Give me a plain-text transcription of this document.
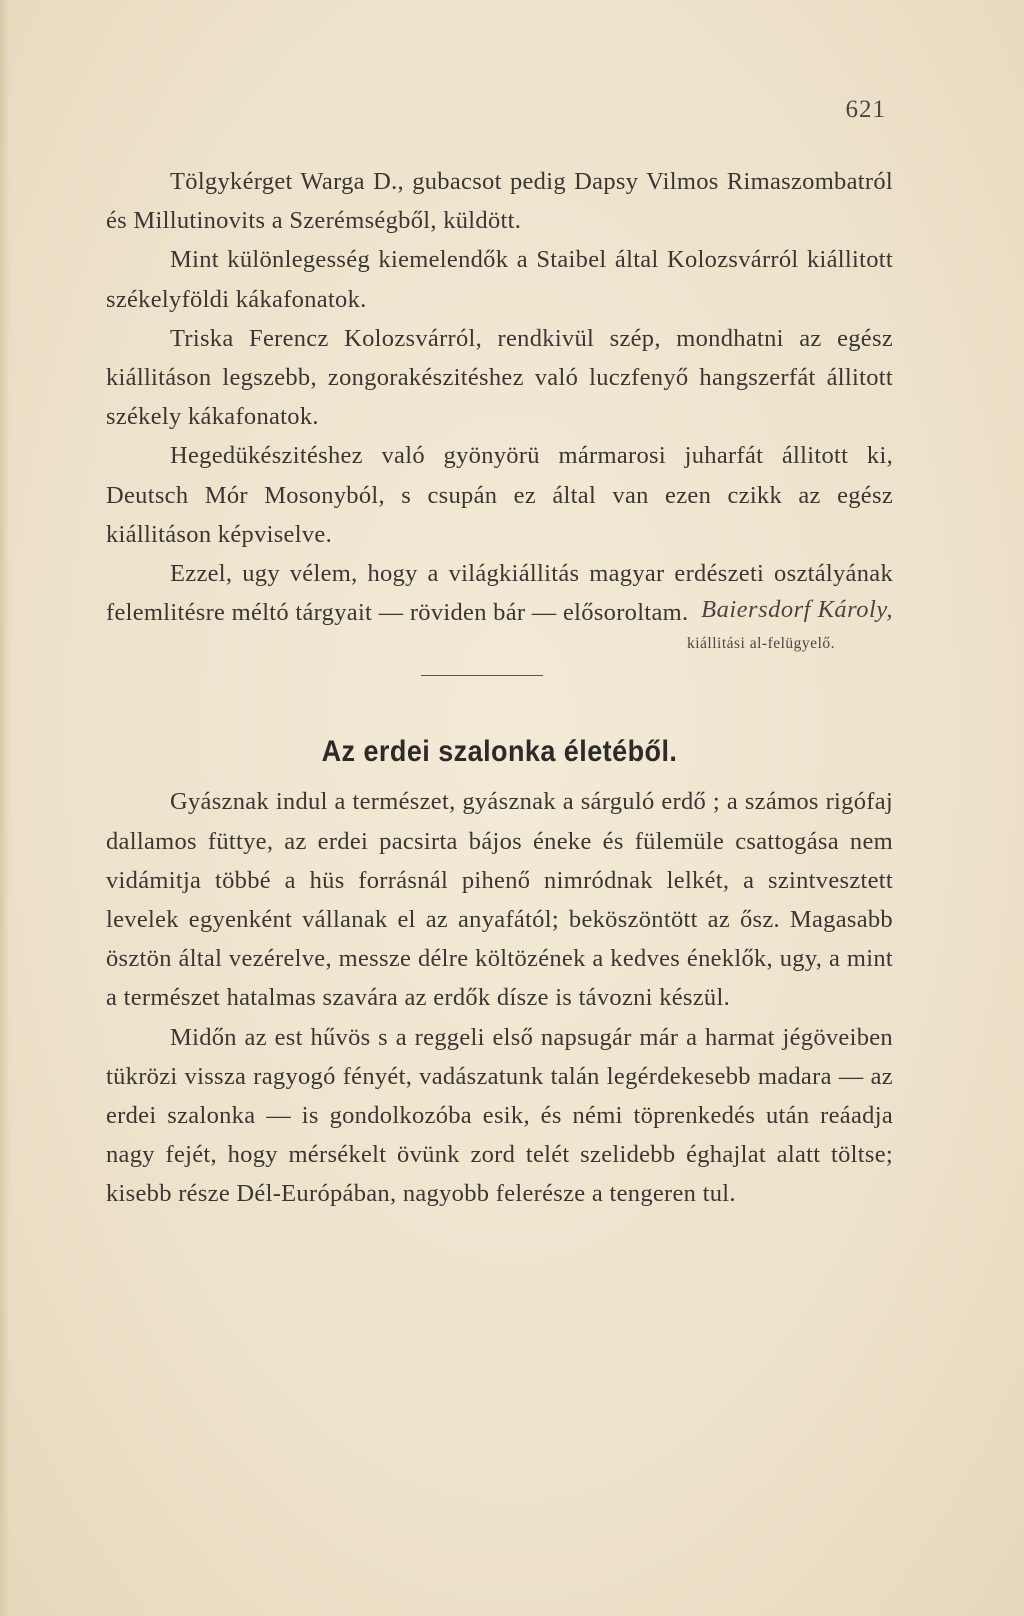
621

Tölgykérget Warga D., gubacsot pedig Dapsy Vilmos Rimaszombatról és Millutinovits a Szerémségből, küldött.

Mint különlegesség kiemelendők a Staibel által Kolozsvárról kiállitott székelyföldi kákafonatok.

Triska Ferencz Kolozsvárról, rendkivül szép, mondhatni az egész kiállitáson legszebb, zongorakészitéshez való luczfenyő hangszerfát állitott székely kákafonatok.

Hegedükészitéshez való gyönyörü mármarosi juharfát állitott ki, Deutsch Mór Mosonyból, s csupán ez által van ezen czikk az egész kiállitáson képviselve.

Ezzel, ugy vélem, hogy a világkiállitás magyar erdészeti osztályának felemlitésre méltó tárgyait — röviden bár — elősoroltam. Baiersdorf Károly,
kiállitási al-felügyelő.
Az erdei szalonka életéből.

Gyásznak indul a természet, gyásznak a sárguló erdő ; a számos rigófaj dallamos füttye, az erdei pacsirta bájos éneke és fülemüle csattogása nem vidámitja többé a hüs forrásnál pihenő nimródnak lelkét, a szintvesztett levelek egyenként vállanak el az anyafától; beköszöntött az ősz. Magasabb ösztön által vezérelve, messze délre költözének a kedves éneklők, ugy, a mint a természet hatalmas szavára az erdők dísze is távozni készül.

Midőn az est hűvös s a reggeli első napsugár már a harmat jégöveiben tükrözi vissza ragyogó fényét, vadászatunk talán legérdekesebb madara — az erdei szalonka — is gondolkozóba esik, és némi töprenkedés után reáadja nagy fejét, hogy mérsékelt övünk zord telét szelidebb éghajlat alatt töltse; kisebb része Dél-Európában, nagyobb felerésze a tengeren tul.
